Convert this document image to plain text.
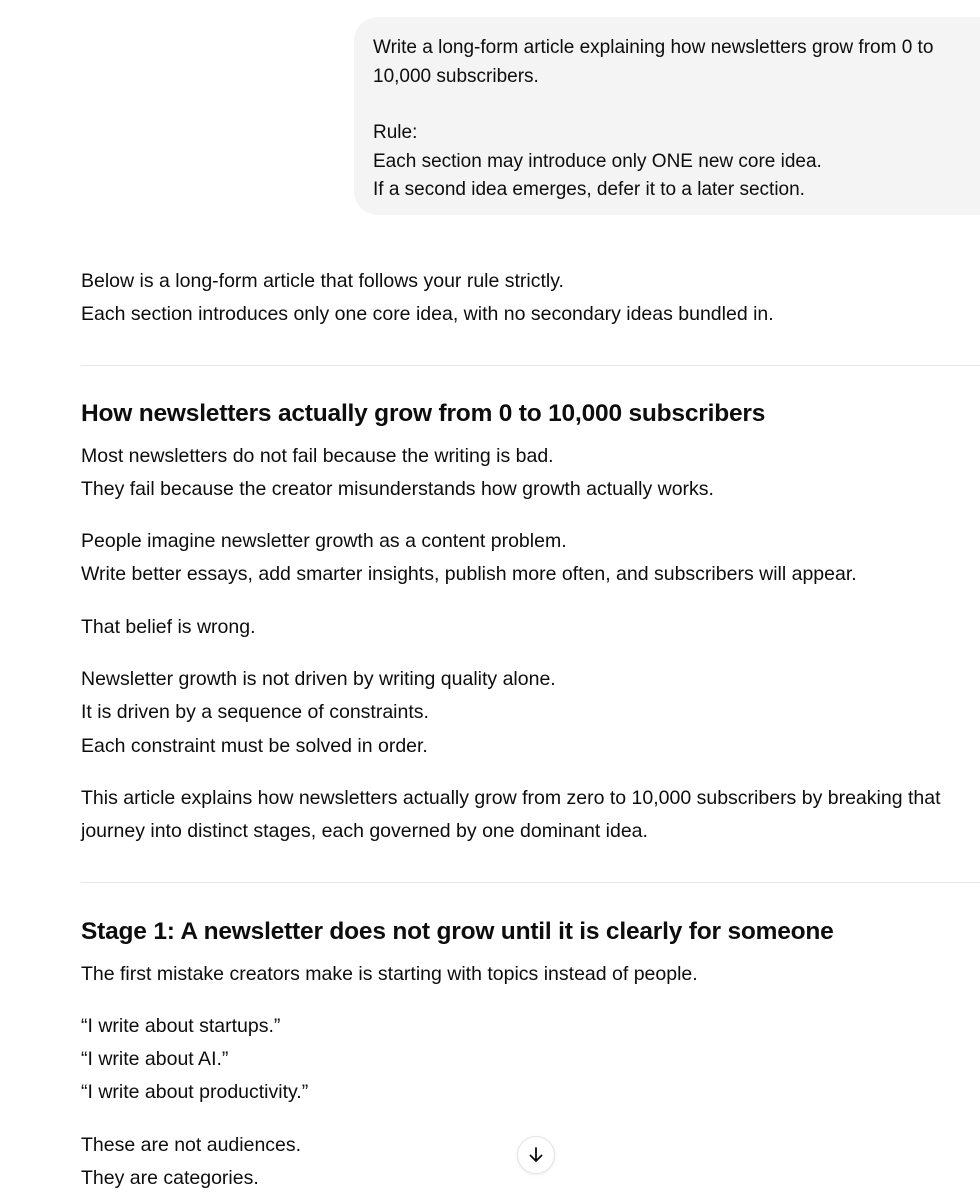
Write a long-form article explaining how newsletters grow from 0 to

10,000 subscribers.

Rule:

Each section may introduce only ONE new core idea.

If a second idea emerges, defer it to a later section.

Below is a long-form article that follows your rule strictly.

Each section introduces only one core idea, with no secondary ideas bundled in.

How newsletters actually grow from 0 to 10,000 subscribers

Most newsletters do not fail because the writing is bad.

They fail because the creator misunderstands how growth actually works.

People imagine newsletter growth as a content problem.

Write better essays, add smarter insights, publish more often, and subscribers will appear.

That belief is wrong.

Newsletter growth is not driven by writing quality alone.

It is driven by a sequence of constraints.

Each constraint must be solved in order.

This article explains how newsletters actually grow from zero to 10,000 subscribers by breaking that journey into distinct stages, each governed by one dominant idea.

Stage 1: A newsletter does not grow until it is clearly for someone

The first mistake creators make is starting with topics instead of people.

“I write about startups.”

“I write about AI.”

“I write about productivity.”

These are not audiences.

They are categories.
